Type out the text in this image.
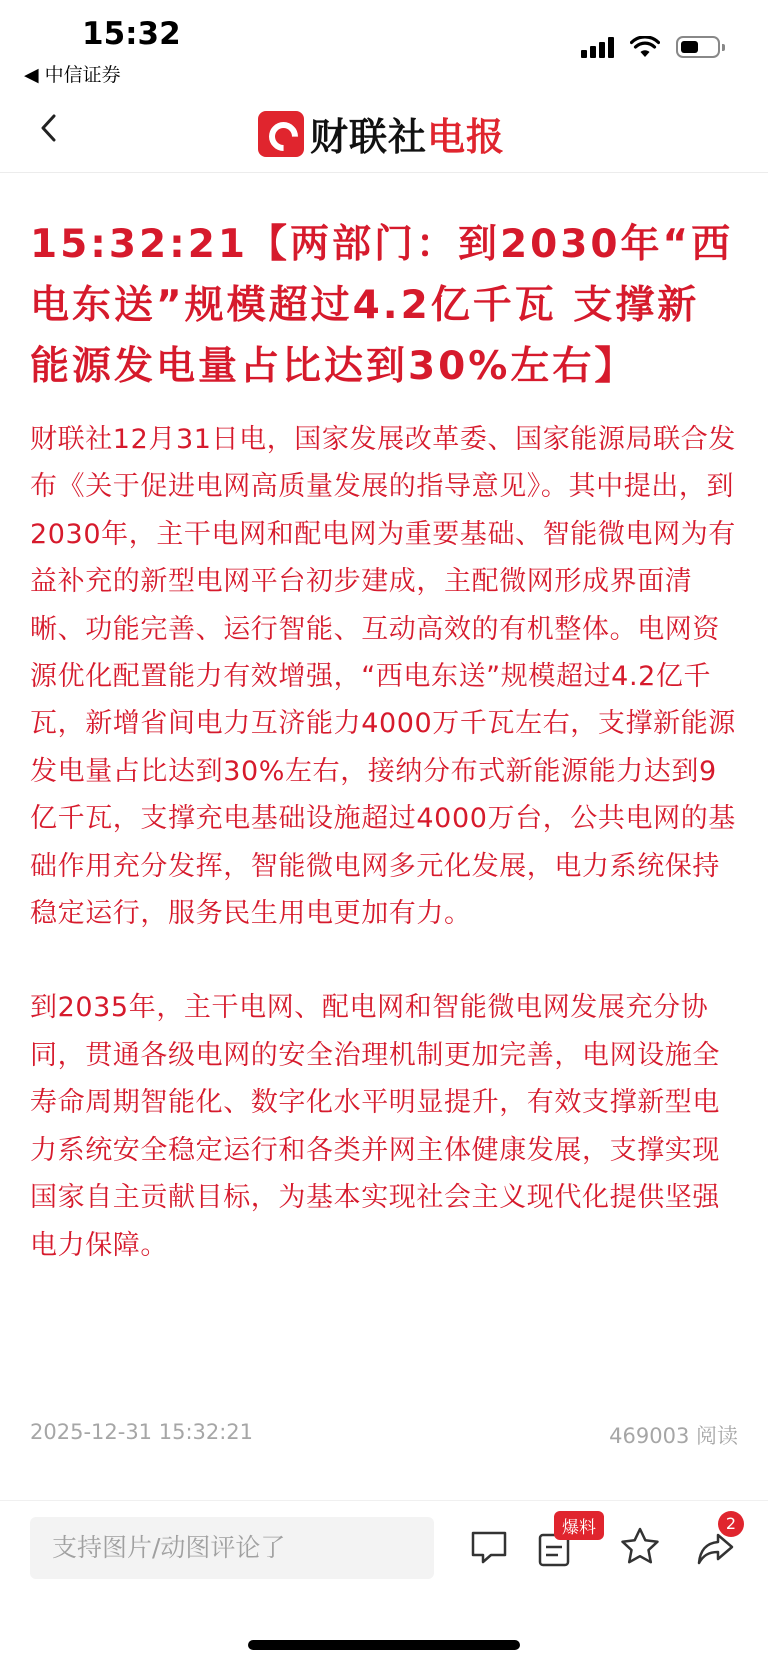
15:32
◀ 中信证券
财联社电报
15:32:21【两部门：到2030年“西电东送”规模超过4.2亿千瓦 支撑新能源发电量占比达到30%左右】

财联社12月31日电，国家发展改革委、国家能源局联合发布《关于促进电网高质量发展的指导意见》。其中提出，到2030年，主干电网和配电网为重要基础、智能微电网为有益补充的新型电网平台初步建成，主配微网形成界面清晰、功能完善、运行智能、互动高效的有机整体。电网资源优化配置能力有效增强，“西电东送”规模超过4.2亿千瓦，新增省间电力互济能力4000万千瓦左右，支撑新能源发电量占比达到30%左右，接纳分布式新能源能力达到9亿千瓦，支撑充电基础设施超过4000万台，公共电网的基础作用充分发挥，智能微电网多元化发展，电力系统保持稳定运行，服务民生用电更加有力。

到2035年，主干电网、配电网和智能微电网发展充分协同，贯通各级电网的安全治理机制更加完善，电网设施全寿命周期智能化、数字化水平明显提升，有效支撑新型电力系统安全稳定运行和各类并网主体健康发展，支撑实现国家自主贡献目标，为基本实现社会主义现代化提供坚强电力保障。

2025-12-31 15:32:21	469003 阅读
支持图片/动图评论了
爆料	2
